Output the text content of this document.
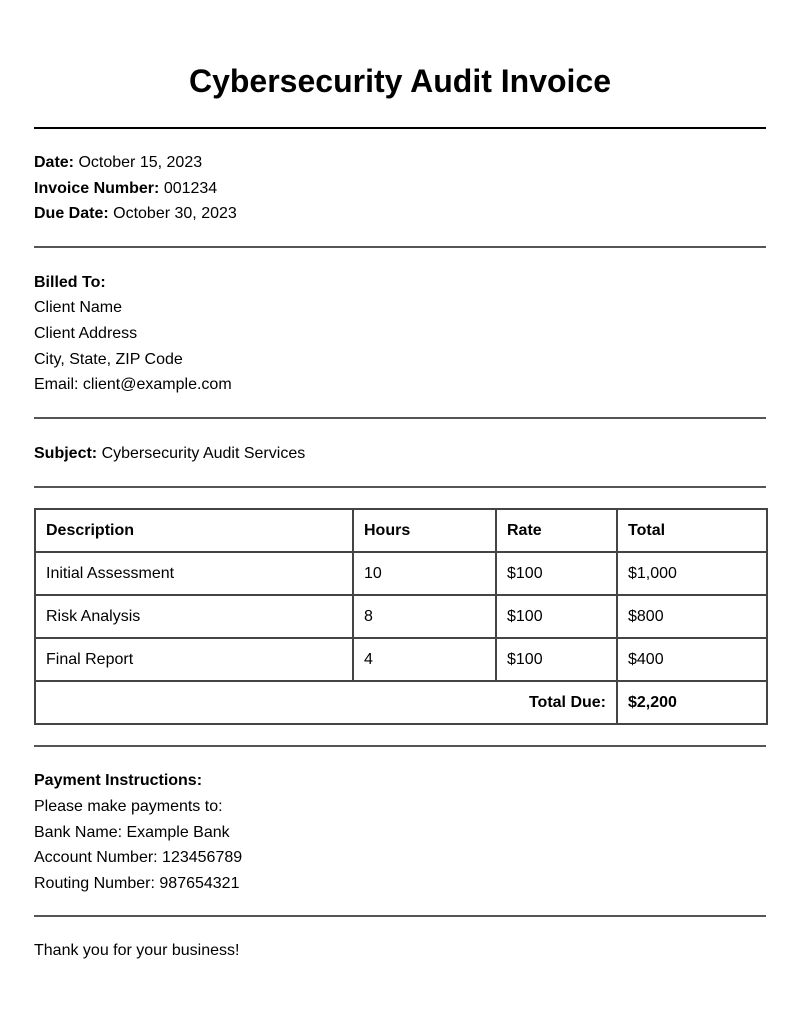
Cybersecurity Audit Invoice
Date: October 15, 2023
Invoice Number: 001234
Due Date: October 30, 2023
Billed To:
Client Name
Client Address
City, State, ZIP Code
Email: client@example.com
Subject: Cybersecurity Audit Services
Description	Hours	Rate	Total
Initial Assessment	10	$100	$1,000
Risk Analysis	8	$100	$800
Final Report	4	$100	$400
Total Due:			$2,200
Payment Instructions:
Please make payments to:
Bank Name: Example Bank
Account Number: 123456789
Routing Number: 987654321
Thank you for your business!
